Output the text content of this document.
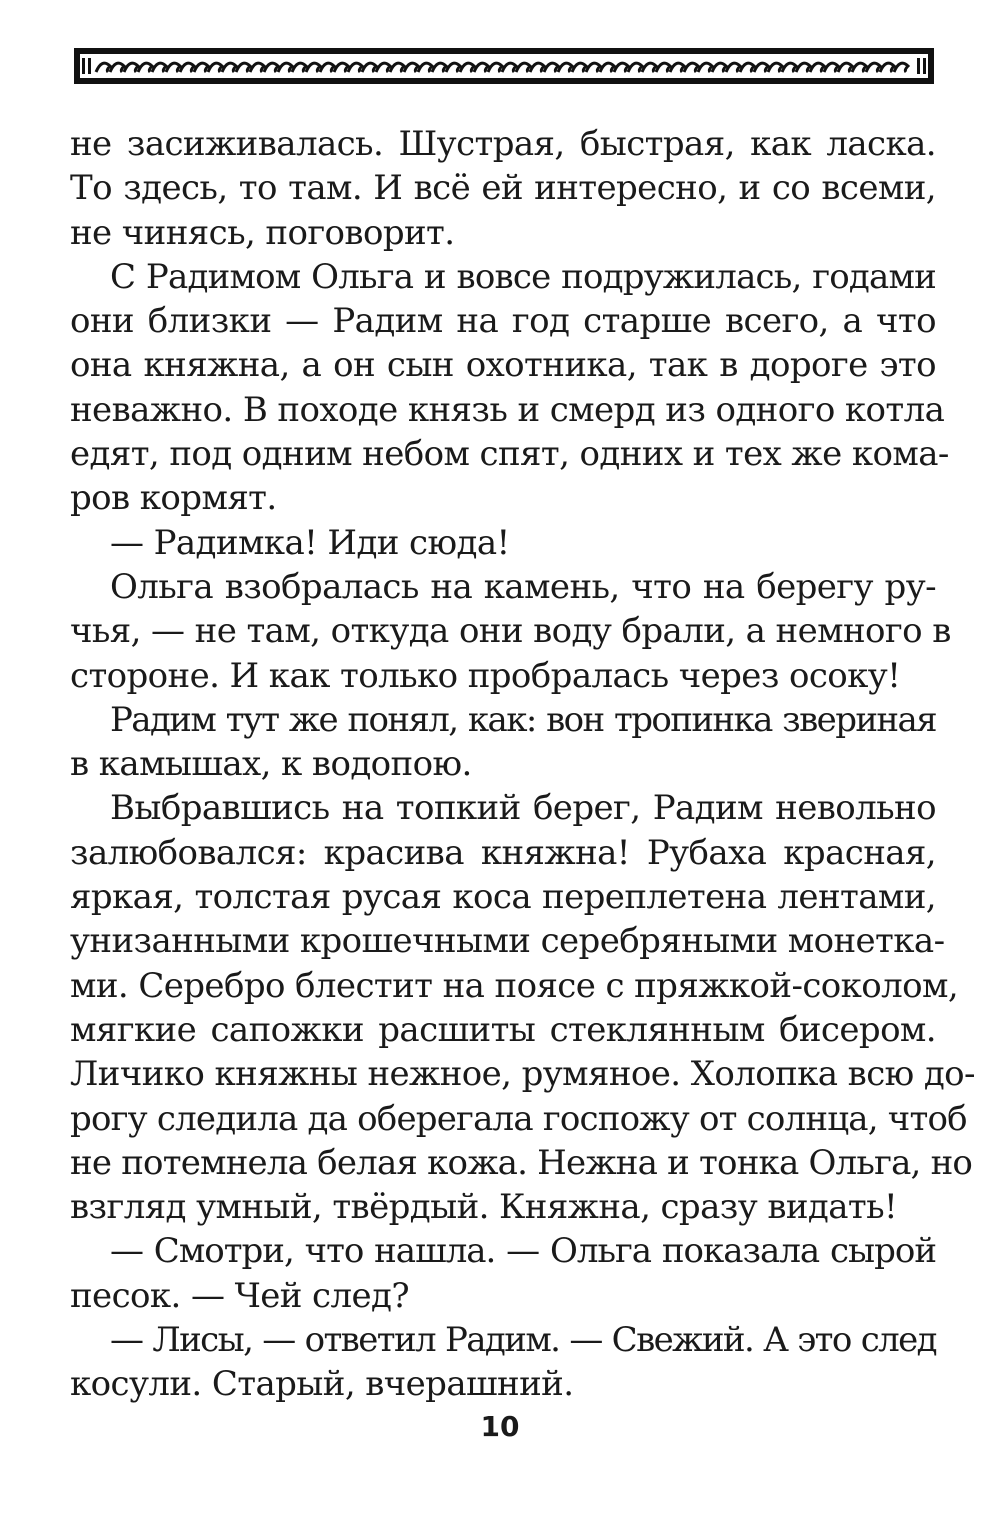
не засиживалась. Шустрая, быстрая, как ласка.
То здесь, то там. И всё ей интересно, и со всеми,
не чинясь, поговорит.
С Радимом Ольга и вовсе подружилась, годами
они близки — Радим на год старше всего, а что
она княжна, а он сын охотника, так в дороге это
неважно. В походе князь и смерд из одного котла
едят, под одним небом спят, одних и тех же кома-
ров кормят.
— Радимка! Иди сюда!
Ольга взобралась на камень, что на берегу ру-
чья, — не там, откуда они воду брали, а немного в
стороне. И как только пробралась через осоку!
Радим тут же понял, как: вон тропинка звериная
в камышах, к водопою.
Выбравшись на топкий берег, Радим невольно
залюбовался: красива княжна! Рубаха красная,
яркая, толстая русая коса переплетена лентами,
унизанными крошечными серебряными монетка-
ми. Серебро блестит на поясе с пряжкой-соколом,
мягкие сапожки расшиты стеклянным бисером.
Личико княжны нежное, румяное. Холопка всю до-
рогу следила да оберегала госпожу от солнца, чтоб
не потемнела белая кожа. Нежна и тонка Ольга, но
взгляд умный, твёрдый. Княжна, сразу видать!
— Смотри, что нашла. — Ольга показала сырой
песок. — Чей след?
— Лисы, — ответил Радим. — Свежий. А это след
косули. Старый, вчерашний.
10
